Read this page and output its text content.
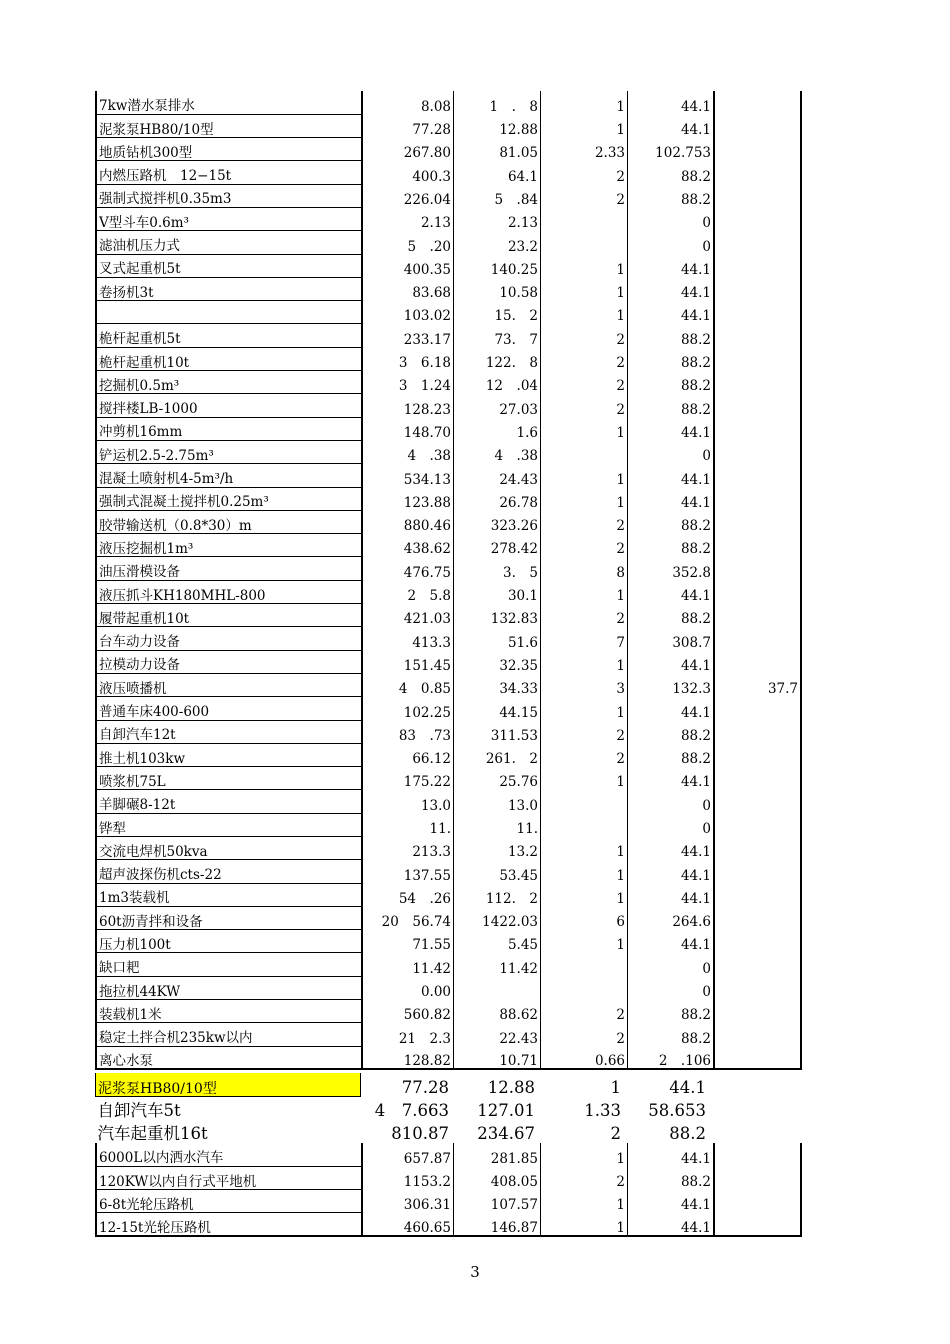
7kw潜水泵排水	8.08	1　.　8	1	44.1	
泥浆泵HB80/10型	77.28	12.88	1	44.1	
地质钻机300型	267.80	81.05	2.33	102.753	
内燃压路机　12−15t	400.3	64.1	2	88.2	
强制式搅拌机0.35m3	226.04	5　.84	2	88.2	
V型斗车0.6m³	2.13	2.13		0	
滤油机压力式	5　.20	23.2		0	
叉式起重机5t	400.35	140.25	1	44.1	
卷扬机3t	83.68	10.58	1	44.1	
	103.02	15.　2	1	44.1	
桅杆起重机5t	233.17	73.　7	2	88.2	
桅杆起重机10t	3　6.18	122.　8	2	88.2	
挖掘机0.5m³	3　1.24	12　.04	2	88.2	
搅拌楼LB-1000	128.23	27.03	2	88.2	
冲剪机16mm	148.70	1.6	1	44.1	
铲运机2.5-2.75m³	4　.38	4　.38		0	
混凝土喷射机4-5m³/h	534.13	24.43	1	44.1	
强制式混凝土搅拌机0.25m³	123.88	26.78	1	44.1	
胶带输送机（0.8*30）m	880.46	323.26	2	88.2	
液压挖掘机1m³	438.62	278.42	2	88.2	
油压滑模设备	476.75	3.　5	8	352.8	
液压抓斗KH180MHL-800	2　5.8	30.1	1	44.1	
履带起重机10t	421.03	132.83	2	88.2	
台车动力设备	413.3	51.6	7	308.7	
拉模动力设备	151.45	32.35	1	44.1	
液压喷播机	4　0.85	34.33	3	132.3	37.7
普通车床400-600	102.25	44.15	1	44.1	
自卸汽车12t	83　.73	311.53	2	88.2	
推土机103kw	66.12	261.　2	2	88.2	
喷浆机75L	175.22	25.76	1	44.1	
羊脚碾8-12t	13.0	13.0		0	
铧犁	11.	11.		0	
交流电焊机50kva	213.3	13.2	1	44.1	
超声波探伤机cts-22	137.55	53.45	1	44.1	
1m3装载机	54　.26	112.　2	1	44.1	
60t沥青拌和设备	20　56.74	1422.03	6	264.6	
压力机100t	71.55	5.45	1	44.1	
缺口耙	11.42	11.42		0	
拖拉机44KW	0.00			0	
装载机1米	560.82	88.62	2	88.2	
稳定土拌合机235kw以内	21　2.3	22.43	2	88.2	
离心水泵	128.82	10.71	0.66	2　.106	
泥浆泵HB80/10型	77.28	12.88	1	44.1	
自卸汽车5t	4　7.663	127.01	1.33	58.653	
汽车起重机16t	810.87	234.67	2	88.2	
6000L以内洒水汽车	657.87	281.85	1	44.1	
120KW以内自行式平地机	1153.2	408.05	2	88.2	
6-8t光轮压路机	306.31	107.57	1	44.1	
12-15t光轮压路机	460.65	146.87	1	44.1	
3
